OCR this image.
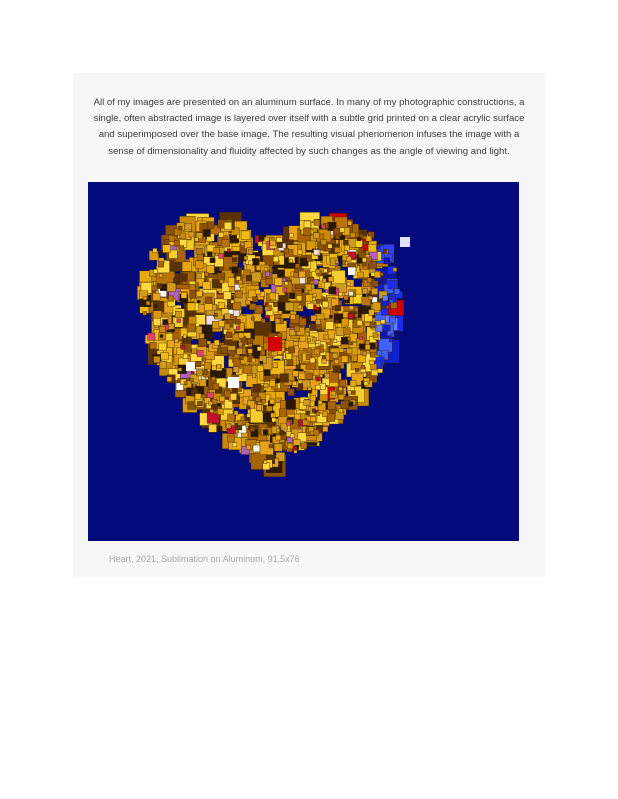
All of my images are presented on an aluminum surface. In many of my photographic constructions, a single, often abstracted image is layered over itself with a subtle grid printed on a clear acrylic surface and superimposed over the base image. The resulting visual phenomenon infuses the image with a sense of dimensionality and fluidity affected by such changes as the angle of viewing and light.

Heart, 2021, Sublimation on Aluminum, 91.5x76
